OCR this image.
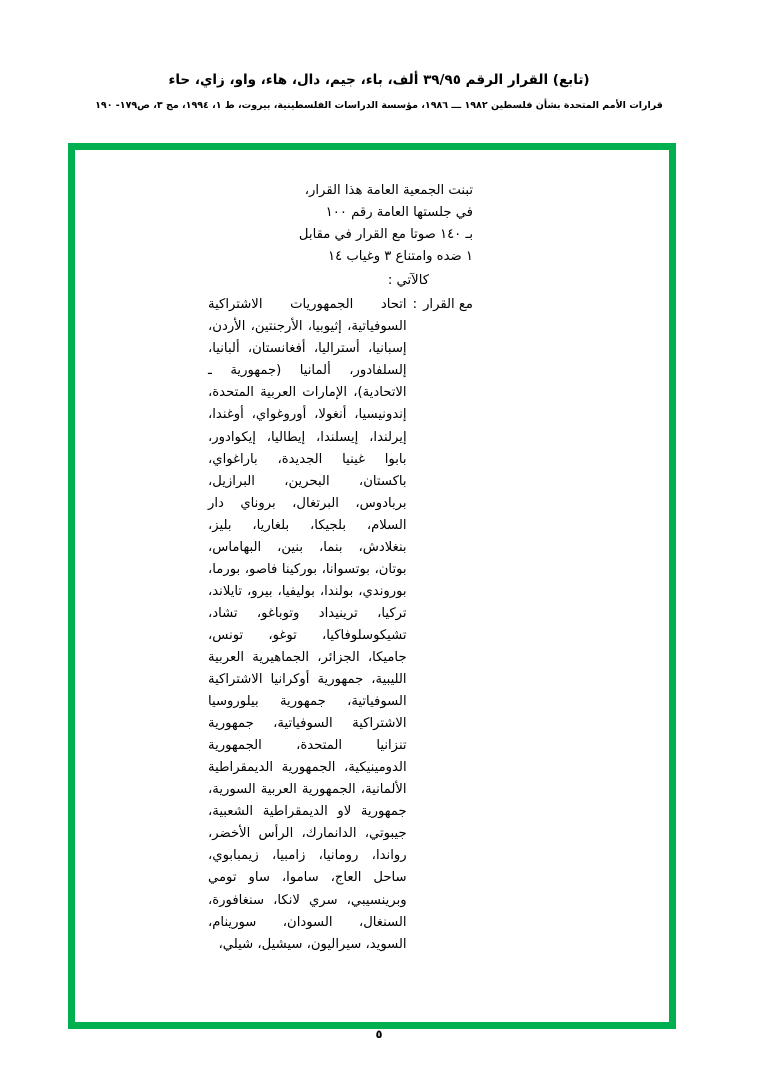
(تابع) القرار الرقم ٣٩/٩٥ ألف، باء، جيم، دال، هاء، واو، زاي، حاء
قرارات الأمم المتحدة بشأن فلسطين ١٩٨٢ ـــ ١٩٨٦، مؤسسة الدراسات الفلسطينية، بيروت، ط ١، ١٩٩٤، مج ٣، ص١٧٩- ١٩٠
تبنت الجمعية العامة هذا القرار،
في جلستها العامة رقم ١٠٠
بـ ١٤٠ صوتا مع القرار في مقابل
١ ضده وامتناع ٣ وغياب ١٤
كالآتي :
مع القرار
:
اتحاد الجمهوريات الاشتراكية السوفياتية، إثيوبيا، الأرجنتين، الأردن، إسبانيا، أستراليا، أفغانستان، ألبانيا، إلسلفادور، ألمانيا (جمهورية ـ الاتحادية)، الإمارات العربية المتحدة، إندونيسيا، أنغولا، أوروغواي، أوغندا، إيرلندا، إيسلندا، إيطاليا، إيكوادور، بابوا غينيا الجديدة، باراغواي، باكستان، البحرين، البرازيل، بربادوس، البرتغال، بروناي دار السلام، بلجيكا، بلغاريا، بليز، بنغلادش، بنما، بنين، البهاماس، بوتان، بوتسوانا، بوركينا فاصو، بورما، بوروندي، بولندا، بوليفيا، بيرو، تايلاند، تركيا، ترينيداد وتوباغو، تشاد، تشيكوسلوفاكيا، توغو، تونس، جاميكا، الجزائر، الجماهيرية العربية الليبية، جمهورية أوكرانيا الاشتراكية السوفياتية، جمهورية بيلوروسيا الاشتراكية السوفياتية، جمهورية تنزانيا المتحدة، الجمهورية الدومينيكية، الجمهورية الديمقراطية الألمانية، الجمهورية العربية السورية، جمهورية لاو الديمقراطية الشعبية، جيبوتي، الدانمارك، الرأس الأخضر، رواندا، رومانيا، زامبيا، زيمبابوي، ساحل العاج، ساموا، ساو تومي وبرينسيبي، سري لانكا، سنغافورة، السنغال، السودان، سورينام، السويد، سيراليون، سيشيل، شيلي،
٥
